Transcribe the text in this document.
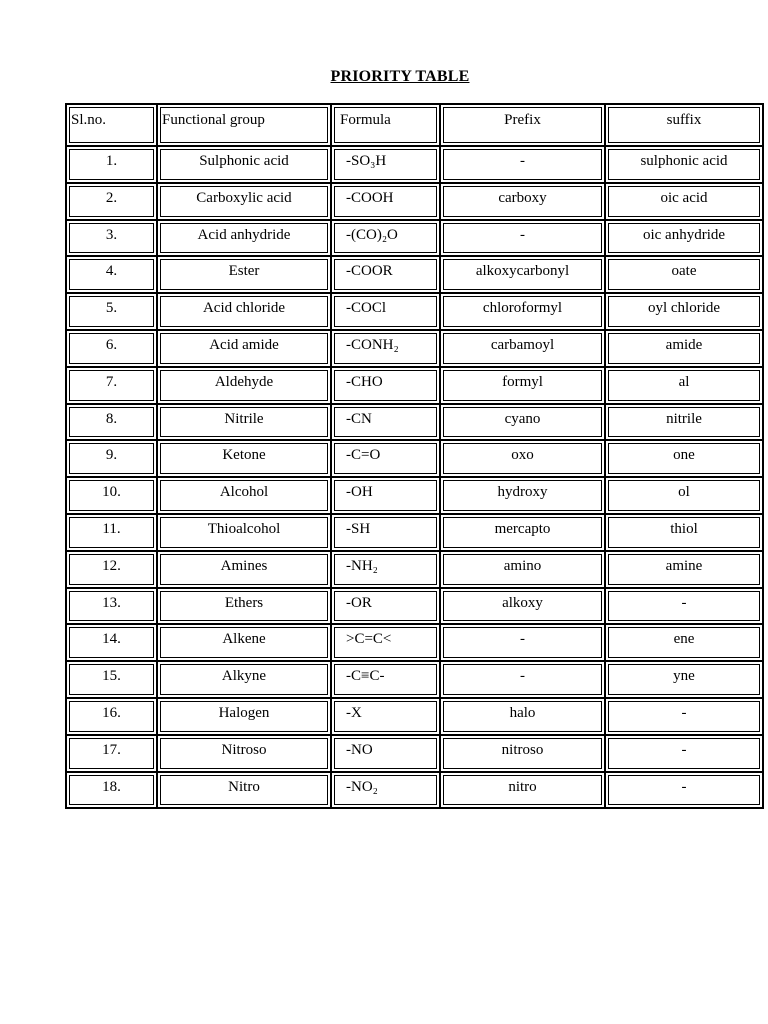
PRIORITY TABLE
Sl.no.	Functional group	Formula	Prefix	suffix
1.	Sulphonic acid	-SO₃H	-	sulphonic acid
2.	Carboxylic acid	-COOH	carboxy	oic acid
3.	Acid anhydride	-(CO)₂O	-	oic anhydride
4.	Ester	-COOR	alkoxycarbonyl	oate
5.	Acid chloride	-COCl	chloroformyl	oyl chloride
6.	Acid amide	-CONH₂	carbamoyl	amide
7.	Aldehyde	-CHO	formyl	al
8.	Nitrile	-CN	cyano	nitrile
9.	Ketone	-C=O	oxo	one
10.	Alcohol	-OH	hydroxy	ol
11.	Thioalcohol	-SH	mercapto	thiol
12.	Amines	-NH₂	amino	amine
13.	Ethers	-OR	alkoxy	-
14.	Alkene	>C=C<	-	ene
15.	Alkyne	-C≡C-	-	yne
16.	Halogen	-X	halo	-
17.	Nitroso	-NO	nitroso	-
18.	Nitro	-NO₂	nitro	-
